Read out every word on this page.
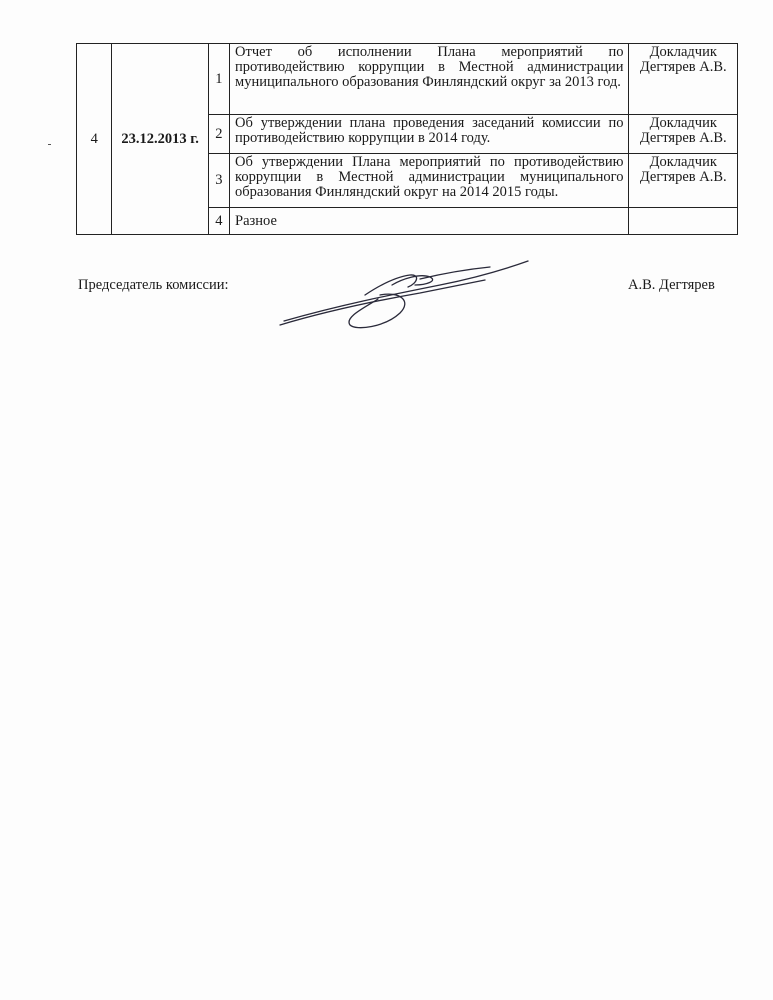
4	23.12.2013 г.	1	Отчет об исполнении Плана мероприятий по противодействию коррупции в Местной администрации муниципального образования Финляндский округ за 2013 год.	Докладчик Дегтярев А.В.
		2	Об утверждении плана проведения заседаний комиссии по противодействию коррупции в 2014 году.	Докладчик Дегтярев А.В.
		3	Об утверждении Плана мероприятий по противодействию коррупции в Местной администрации муниципального образования Финляндский округ на 2014 2015 годы.	Докладчик Дегтярев А.В.
		4	Разное	
Председатель комиссии:	А.В. Дегтярев
